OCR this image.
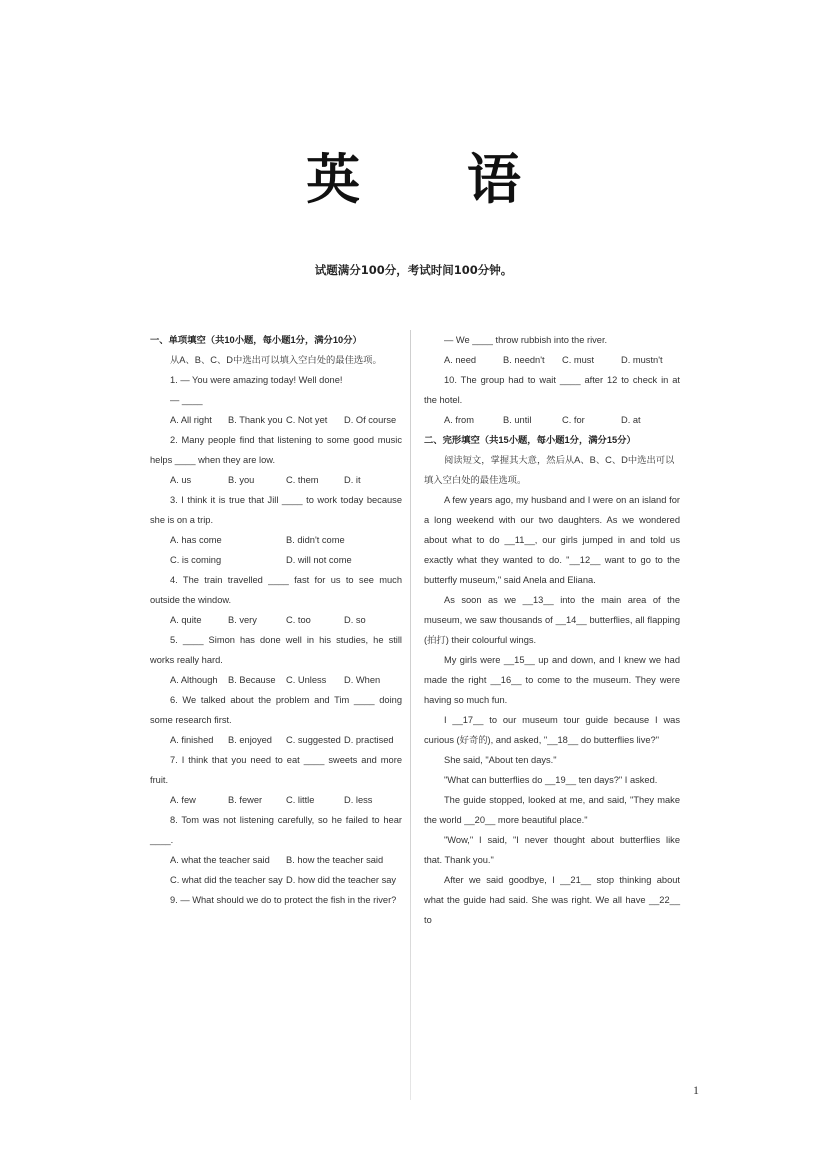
英 语
试题满分100分，考试时间100分钟。
一、单项填空（共10小题，每小题1分，满分10分）
从A、B、C、D中选出可以填入空白处的最佳选项。
1. — You were amazing today! Well done!
— ____
A. All right	B. Thank you C. Not yet	D. Of course
2. Many people find that listening to some good music
helps ____ when they are low.
A. us	B. you	C. them	D. it
3. I think it is true that Jill ____ to work today because
she is on a trip.
A. has come	B. didn't come
C. is coming	D. will not come
4. The train travelled ____ fast for us to see much
outside the window.
A. quite	B. very	C. too	D. so
5. ____ Simon has done well in his studies, he still
works really hard.
A. Although	B. Because	C. Unless	D. When
6. We talked about the problem and Tim ____ doing
some research first.
A. finished	B. enjoyed	C. suggested D. practised
7. I think that you need to eat ____ sweets and more
fruit.
A. few	B. fewer	C. little	D. less
8. Tom was not listening carefully, so he failed to hear
____.
A. what the teacher said	B. how the teacher said
C. what did the teacher say D. how did the teacher say
9. — What should we do to protect the fish in the river?
— We ____ throw rubbish into the river.
A. need	B. needn't	C. must	D. mustn't
10. The group had to wait ____ after 12 to check in at
the hotel.
A. from	B. until	C. for	D. at
二、完形填空（共15小题，每小题1分，满分15分）
阅读短文，掌握其大意，然后从A、B、C、D中选出可以
填入空白处的最佳选项。
A few years ago, my husband and I were on an island for
a long weekend with our two daughters. As we wondered
about what to do __11__, our girls jumped in and told us
exactly what they wanted to do. "__12__ want to go to the
butterfly museum," said Anela and Eliana.
As soon as we __13__ into the main area of the
museum, we saw thousands of __14__ butterflies, all flapping
(拍打) their colourful wings.
My girls were __15__ up and down, and I knew we had
made the right __16__ to come to the museum. They were
having so much fun.
I __17__ to our museum tour guide because I was
curious (好奇的), and asked, "__18__ do butterflies live?"
She said, "About ten days."
"What can butterflies do __19__ ten days?" I asked.
The guide stopped, looked at me, and said, "They make
the world __20__ more beautiful place."
"Wow," I said, "I never thought about butterflies like
that. Thank you."
After we said goodbye, I __21__ stop thinking about
what the guide had said. She was right. We all have __22__ to
1
